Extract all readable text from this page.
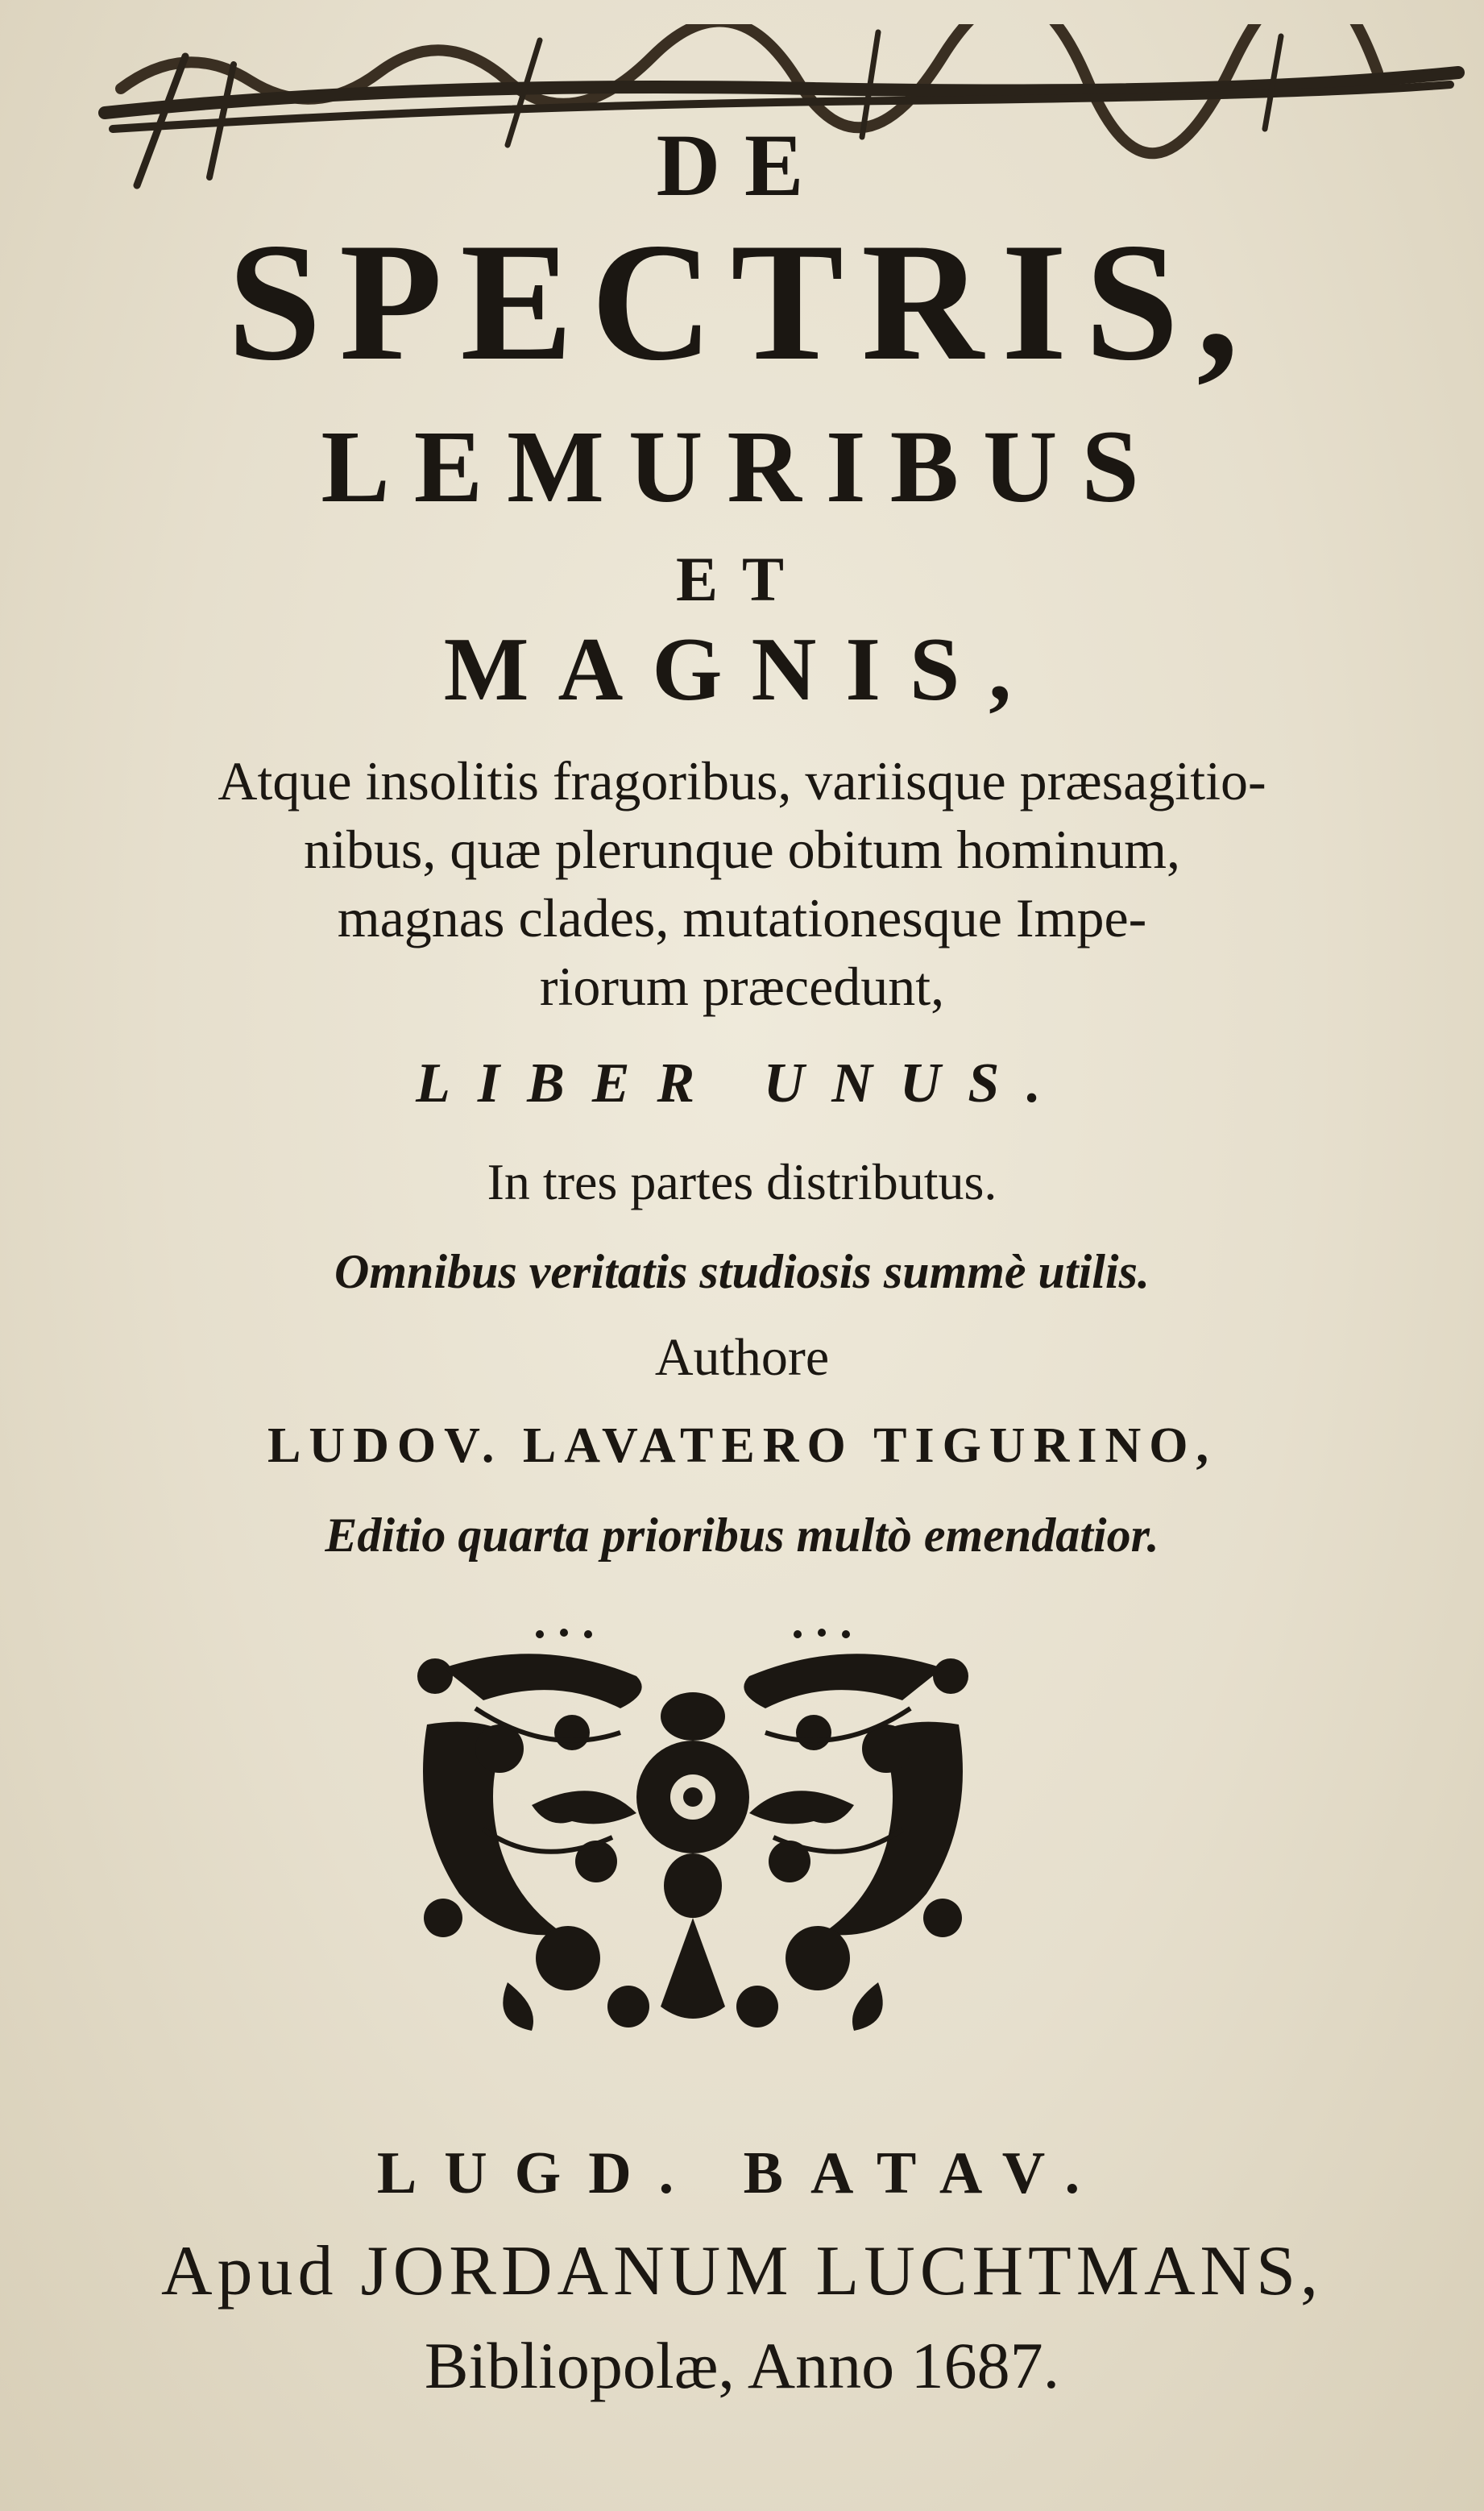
DE
SPECTRIS,
LEMURIBUS
ET
MAGNIS,
Atque insolitis fragoribus, variisque præsagitio-
nibus, quæ plerunque obitum hominum,
magnas clades, mutationesque Impe-
riorum præcedunt,
LIBER UNUS.
In tres partes distributus.
Omnibus veritatis studiosis summè utilis.
Authore
LUDOV. LAVATERO TIGURINO,
Editio quarta prioribus multò emendatior.
LUGD. BATAV.
Apud JORDANUM LUCHTMANS,
Bibliopolæ, Anno 1687.
